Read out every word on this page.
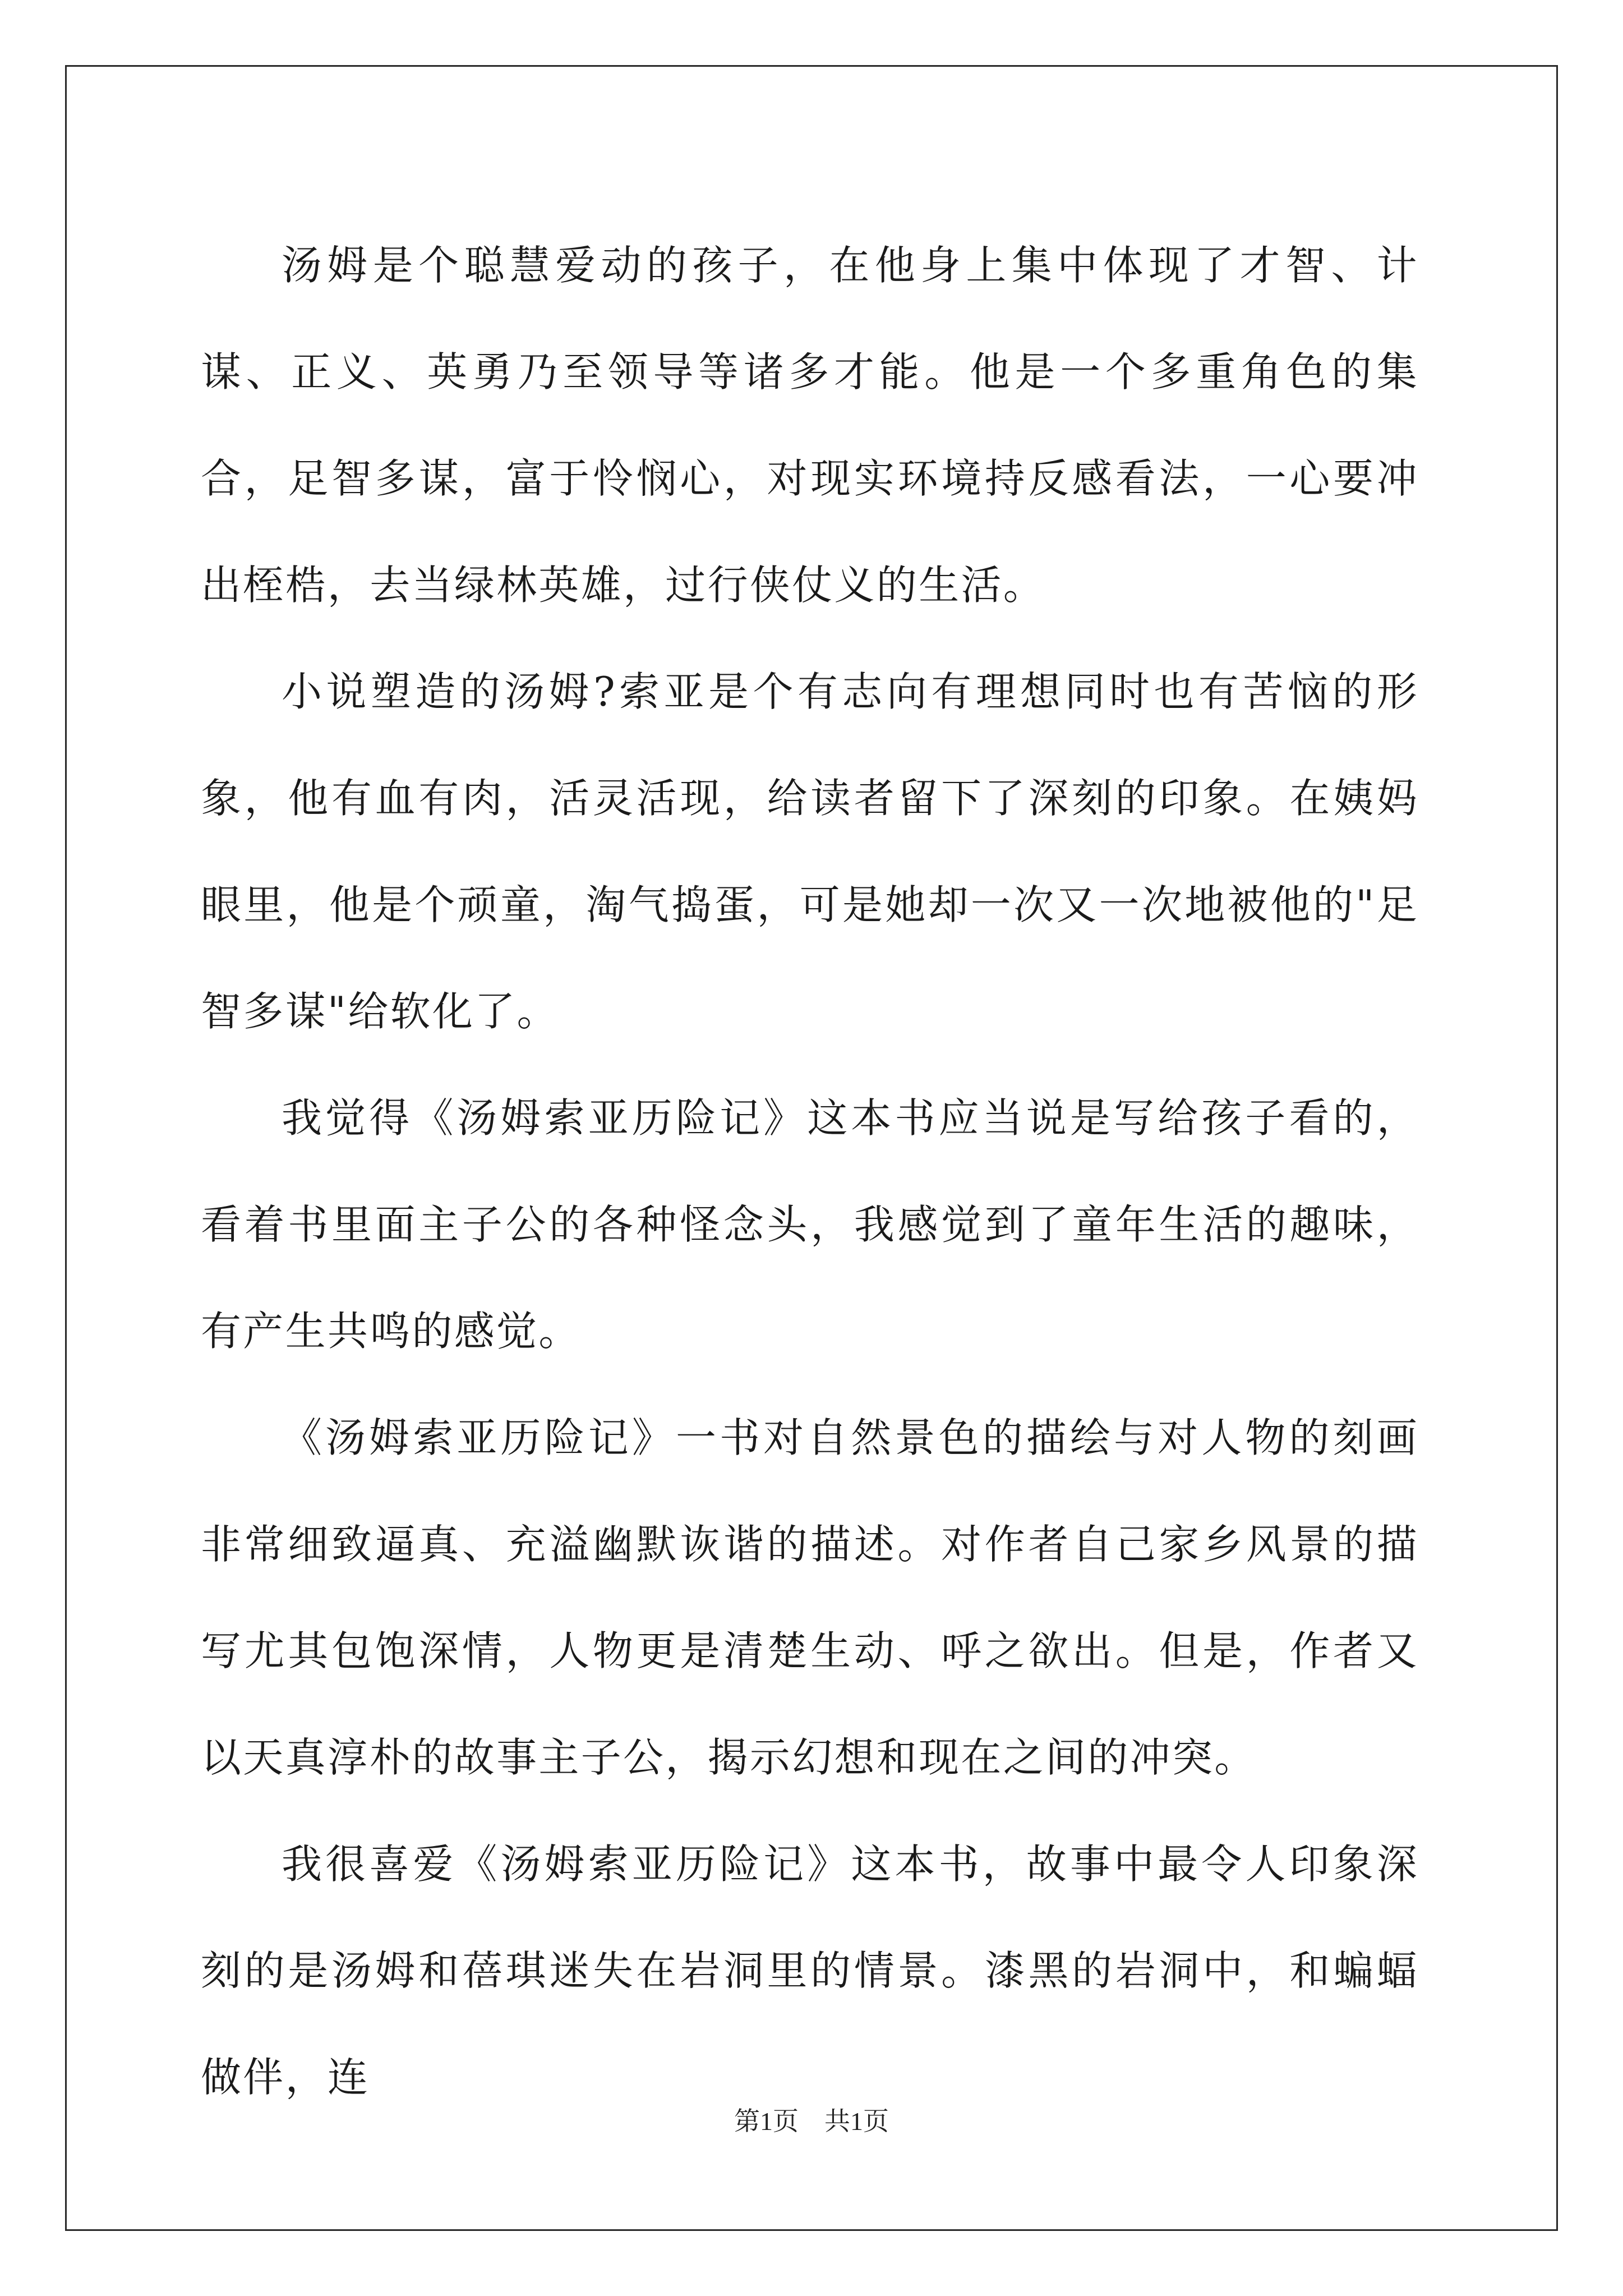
汤姆是个聪慧爱动的孩子，在他身上集中体现了才智、计谋、正义、英勇乃至领导等诸多才能。他是一个多重角色的集合，足智多谋，富于怜悯心，对现实环境持反感看法，一心要冲出桎梏，去当绿林英雄，过行侠仗义的生活。

小说塑造的汤姆?索亚是个有志向有理想同时也有苦恼的形象，他有血有肉，活灵活现，给读者留下了深刻的印象。在姨妈眼里，他是个顽童，淘气捣蛋，可是她却一次又一次地被他的"足智多谋"给软化了。

我觉得《汤姆索亚历险记》这本书应当说是写给孩子看的，看着书里面主子公的各种怪念头，我感觉到了童年生活的趣味，有产生共鸣的感觉。

《汤姆索亚历险记》一书对自然景色的描绘与对人物的刻画非常细致逼真、充溢幽默诙谐的描述。对作者自己家乡风景的描写尤其包饱深情，人物更是清楚生动、呼之欲出。但是，作者又以天真淳朴的故事主子公，揭示幻想和现在之间的冲突。

我很喜爱《汤姆索亚历险记》这本书，故事中最令人印象深刻的是汤姆和蓓琪迷失在岩洞里的情景。漆黑的岩洞中，和蝙蝠做伴，连

第1页 共1页
